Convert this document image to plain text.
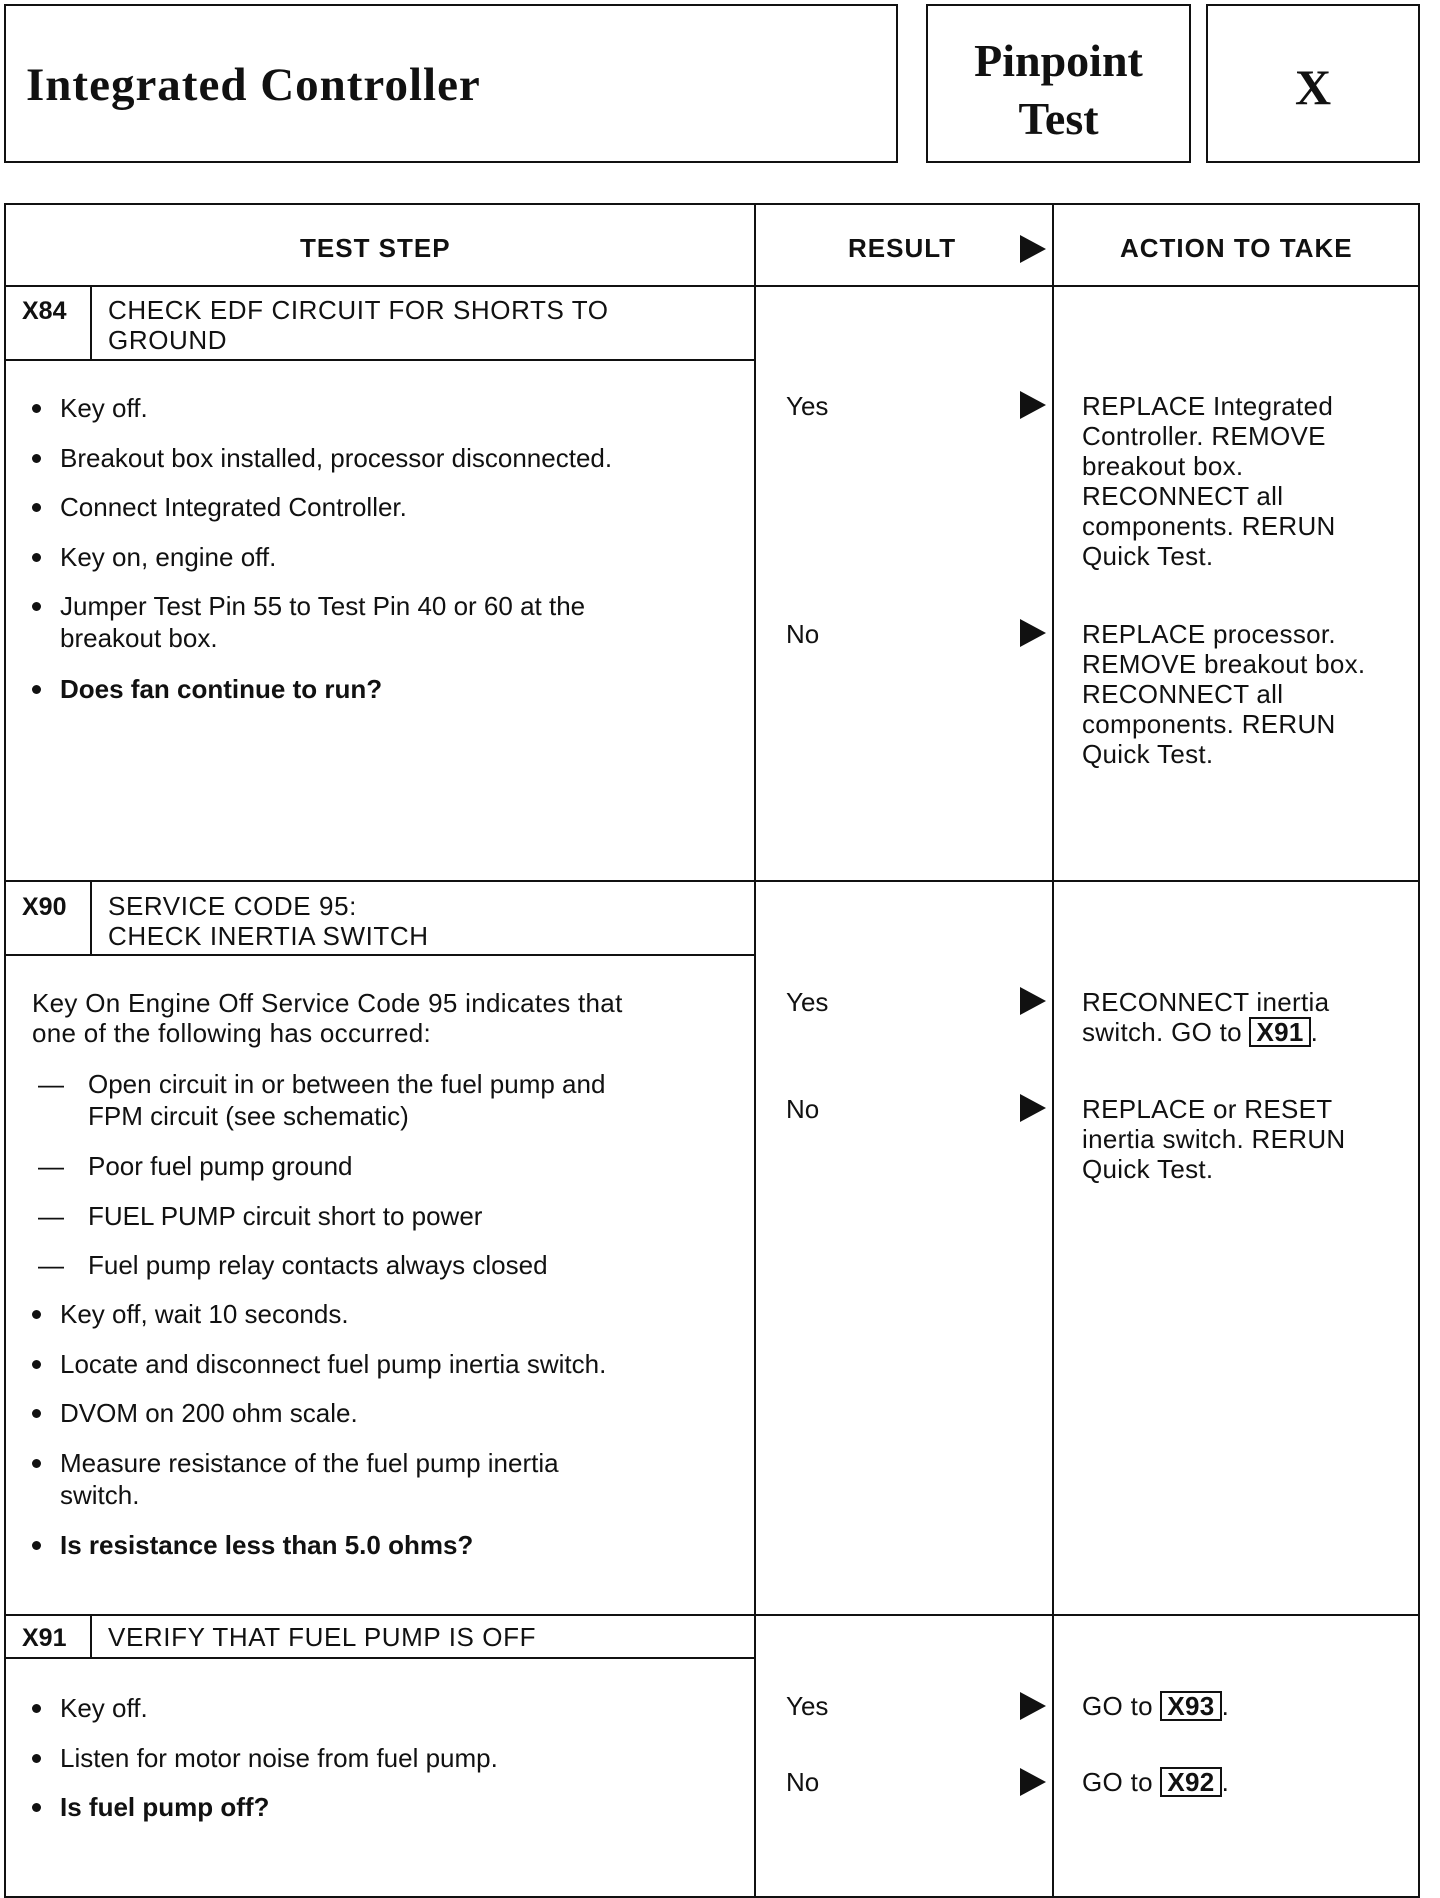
Integrated Controller	Pinpoint
Test
X
TEST STEP	RESULT	ACTION TO TAKE
X84 CHECK EDF CIRCUIT FOR SHORTS TO
GROUND
Key off.
Breakout box installed, processor disconnected.
Connect Integrated Controller.
Key on, engine off.
Jumper Test Pin 55 to Test Pin 40 or 60 at the
breakout box.
Does fan continue to run?
Yes	REPLACE Integrated
Controller. REMOVE
breakout box.
RECONNECT all
components. RERUN
Quick Test.
No	REPLACE processor.
REMOVE breakout box.
RECONNECT all
components. RERUN
Quick Test.
X90 SERVICE CODE 95:
CHECK INERTIA SWITCH
Key On Engine Off Service Code 95 indicates that
one of the following has occurred:
— Open circuit in or between the fuel pump and
FPM circuit (see schematic)
— Poor fuel pump ground
— FUEL PUMP circuit short to power
— Fuel pump relay contacts always closed
Key off, wait 10 seconds.
Locate and disconnect fuel pump inertia switch.
DVOM on 200 ohm scale.
Measure resistance of the fuel pump inertia
switch.
Is resistance less than 5.0 ohms?
Yes	RECONNECT inertia
switch. GO to X91 .
No	REPLACE or RESET
inertia switch. RERUN
Quick Test.
X91 VERIFY THAT FUEL PUMP IS OFF
Key off.
Listen for motor noise from fuel pump.
Is fuel pump off?
Yes	GO to X93 .
No	GO to X92 .
